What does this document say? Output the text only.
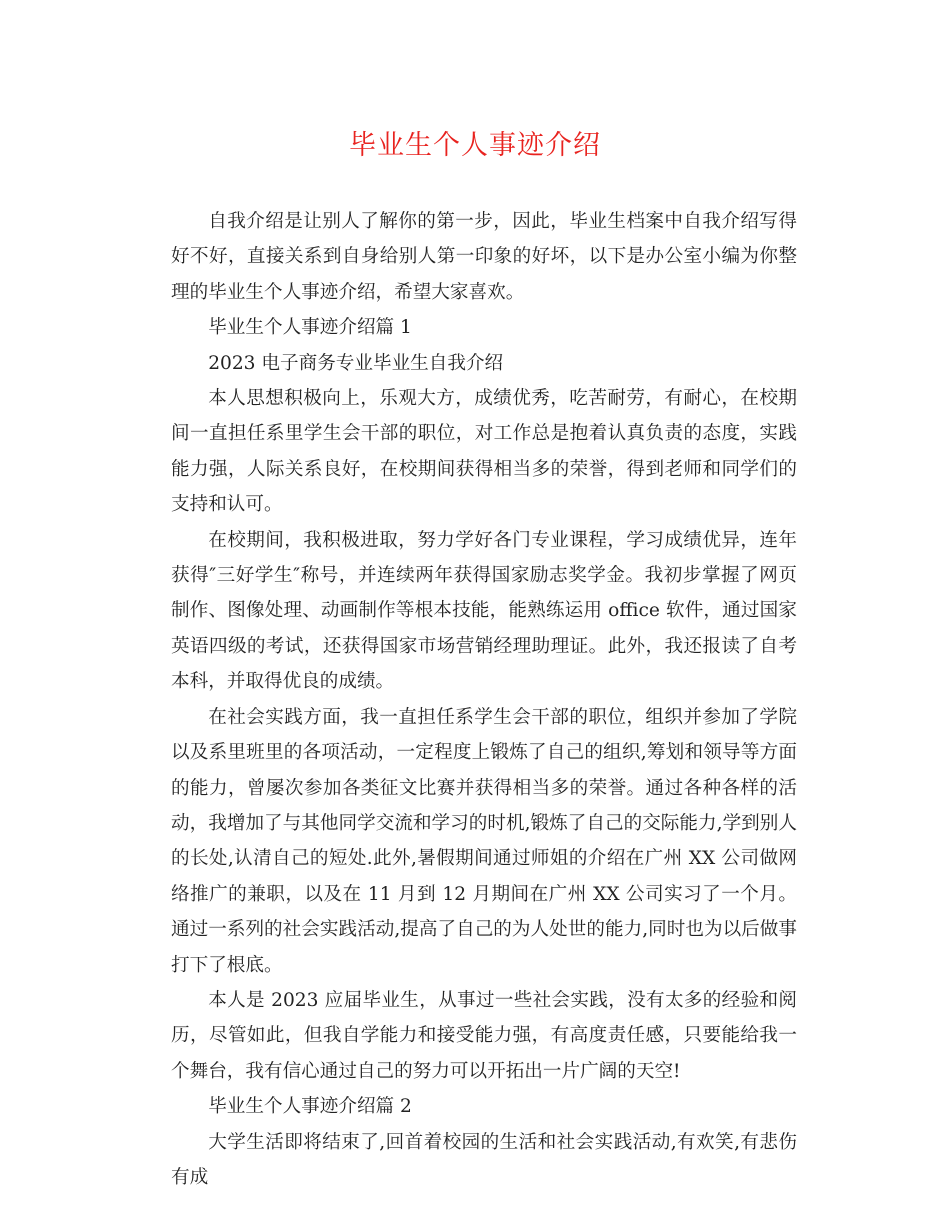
毕业生个人事迹介绍

自我介绍是让别人了解你的第一步，因此，毕业生档案中自我介绍写得好不好，直接关系到自身给别人第一印象的好坏，以下是办公室小编为你整理的毕业生个人事迹介绍，希望大家喜欢。

毕业生个人事迹介绍篇 1

2023 电子商务专业毕业生自我介绍

本人思想积极向上，乐观大方，成绩优秀，吃苦耐劳，有耐心，在校期间一直担任系里学生会干部的职位，对工作总是抱着认真负责的态度，实践能力强，人际关系良好，在校期间获得相当多的荣誉，得到老师和同学们的支持和认可。

在校期间，我积极进取，努力学好各门专业课程，学习成绩优异，连年获得″三好学生″称号，并连续两年获得国家励志奖学金。我初步掌握了网页制作、图像处理、动画制作等根本技能，能熟练运用 office 软件，通过国家英语四级的考试，还获得国家市场营销经理助理证。此外，我还报读了自考本科，并取得优良的成绩。

在社会实践方面，我一直担任系学生会干部的职位，组织并参加了学院以及系里班里的各项活动，一定程度上锻炼了自己的组织,筹划和领导等方面的能力，曾屡次参加各类征文比赛并获得相当多的荣誉。通过各种各样的活动，我增加了与其他同学交流和学习的时机,锻炼了自己的交际能力,学到别人的长处,认清自己的短处.此外,暑假期间通过师姐的介绍在广州 XX 公司做网络推广的兼职，以及在 11 月到 12 月期间在广州 XX 公司实习了一个月。通过一系列的社会实践活动,提高了自己的为人处世的能力,同时也为以后做事打下了根底。

本人是 2023 应届毕业生，从事过一些社会实践，没有太多的经验和阅历，尽管如此，但我自学能力和接受能力强，有高度责任感，只要能给我一个舞台，我有信心通过自己的努力可以开拓出一片广阔的天空!

毕业生个人事迹介绍篇 2

大学生活即将结束了,回首着校园的生活和社会实践活动,有欢笑,有悲伤有成
